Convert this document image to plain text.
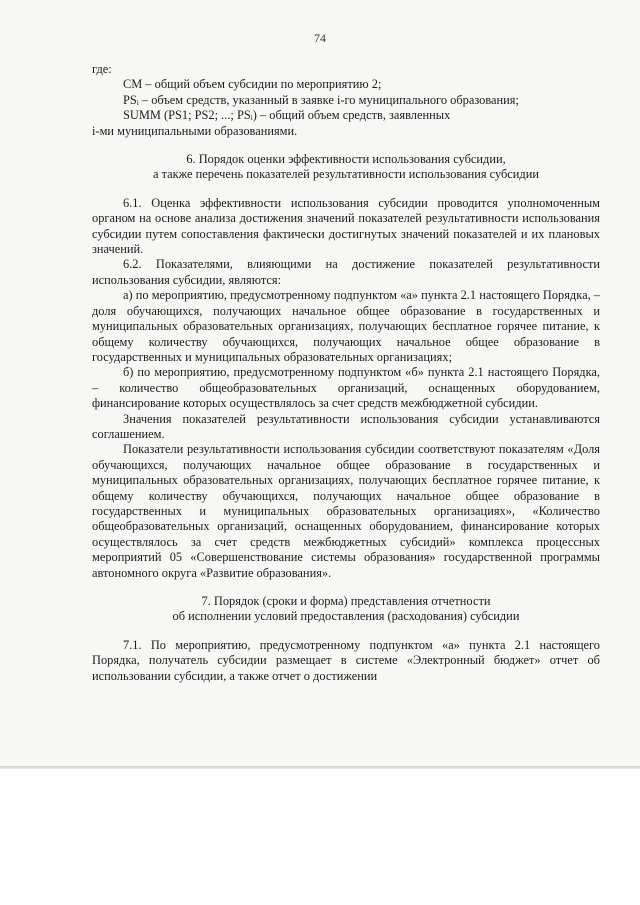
74

где:

СМ – общий объем субсидии по мероприятию 2;

PSᵢ – объем средств, указанный в заявке i-го муниципального образования;

SUMM (PS1; PS2; ...; PSᵢ) – общий объем средств, заявленных

i-ми муниципальными образованиями.

6. Порядок оценки эффективности использования субсидии,

а также перечень показателей результативности использования субсидии

6.1. Оценка эффективности использования субсидии проводится уполномоченным органом на основе анализа достижения значений показателей результативности использования субсидии путем сопоставления фактически достигнутых значений показателей и их плановых значений.

6.2. Показателями, влияющими на достижение показателей результативности использования субсидии, являются:

а) по мероприятию, предусмотренному подпунктом «а» пункта 2.1 настоящего Порядка, – доля обучающихся, получающих начальное общее образование в государственных и муниципальных образовательных организациях, получающих бесплатное горячее питание, к общему количеству обучающихся, получающих начальное общее образование в государственных и муниципальных образовательных организациях;

б) по мероприятию, предусмотренному подпунктом «б» пункта 2.1 настоящего Порядка, – количество общеобразовательных организаций, оснащенных оборудованием, финансирование которых осуществлялось за счет средств межбюджетной субсидии.

Значения показателей результативности использования субсидии устанавливаются соглашением.

Показатели результативности использования субсидии соответствуют показателям «Доля обучающихся, получающих начальное общее образование в государственных и муниципальных образовательных организациях, получающих бесплатное горячее питание, к общему количеству обучающихся, получающих начальное общее образование в государственных и муниципальных образовательных организациях», «Количество общеобразовательных организаций, оснащенных оборудованием, финансирование которых осуществлялось за счет средств межбюджетных субсидий» комплекса процессных мероприятий 05 «Совершенствование системы образования» государственной программы автономного округа «Развитие образования».

7. Порядок (сроки и форма) представления отчетности

об исполнении условий предоставления (расходования) субсидии

7.1. По мероприятию, предусмотренному подпунктом «а» пункта 2.1 настоящего Порядка, получатель субсидии размещает в системе «Электронный бюджет» отчет об использовании субсидии, а также отчет о достижении
